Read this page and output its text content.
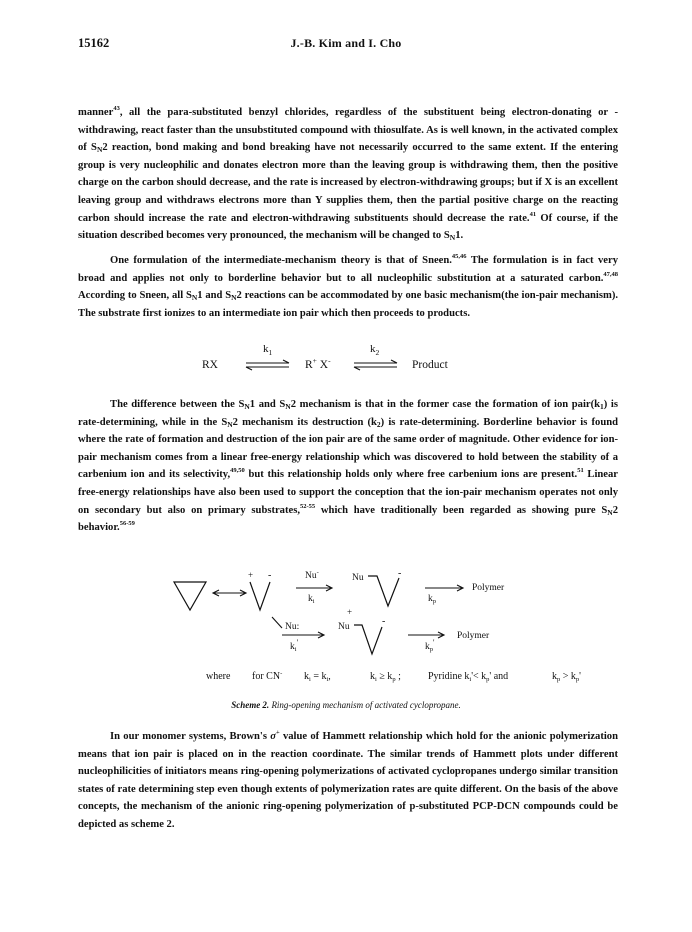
15162	J.-B. Kim and I. Cho

manner$^{43}$, all the para-substituted benzyl chlorides, regardless of the substituent being electron-donating or - withdrawing, react faster than the unsubstituted compound with thiosulfate. As is well known, in the activated complex of $S_N2$ reaction, bond making and bond breaking have not necessarily occurred to the same extent. If the entering group is very nucleophilic and donates electron more than the leaving group is withdrawing them, then the positive charge on the carbon should decrease, and the rate is increased by electron-withdrawing groups; but if X is an excellent leaving group and withdraws electrons more than Y supplies them, then the partial positive charge on the reacting carbon should increase the rate and electron-withdrawing substituents should decrease the rate.$^{41}$ Of course, if the situation described becomes very pronounced, the mechanism will be changed to $S_N1$.

One formulation of the intermediate-mechanism theory is that of Sneen.$^{45,46}$ The formulation is in fact very broad and applies not only to borderline behavior but to all nucleophilic substitution at a saturated carbon.$^{47,48}$ According to Sneen, all $S_N1$ and $S_N2$ reactions can be accommodated by one basic mechanism(the ion-pair mechanism). The substrate first ionizes to an intermediate ion pair which then proceeds to products.

RX
$k_1$
R+ X-
$k_2$
Product

The difference between the $S_N1$ and $S_N2$ mechanism is that in the former case the formation of ion $pair(k_1)$ is rate-determining, while in the $S_N2$ mechanism its destruction $(k_2)$ is rate-determining. Borderline behavior is found where the rate of formation and destruction of the ion pair are of the same order of magnitude. Other evidence for ion-pair mechanism comes from a linear free-energy relationship which was discovered to hold between the stability of a carbenium ion and its selectivity,$^{49,50}$ but this relationship holds only where free carbenium ions are present.$^{51}$ Linear free-energy relationships have also been used to support the conception that the ion-pair mechanism operates not only on secondary but also on primary substrates,$^{52-55}$ which have traditionally been regarded as showing pure $S_N2$ behavior.$^{56-59}$

+ -	Nu-
$k_i$
Nu	-
$k_p$
Polymer
Nu:
$k_i'$
+
Nu	-
$k_p'$
Polymer
where for CN- $k_i = k_i$,	$k_i \ge k_p$ ;	Pyridine $k_i'< k_p'$ and	$k_p > k_p'$
Scheme 2. Ring-opening mechanism of activated cyclopropane.

In our monomer systems, Brown's σ+ value of Hammett relationship which hold for the anionic polymerization means that ion pair is placed on in the reaction coordinate. The similar trends of Hammett plots under different nucleophilicities of initiators means ring-opening polymerizations of activated cyclopropanes undergo similar transition states of rate determining step even though extents of polymerization rates are quite different. On the basis of the above concepts, the mechanism of the anionic ring-opening polymerization of p-substituted PCP-DCN compounds could be depicted as scheme 2.
